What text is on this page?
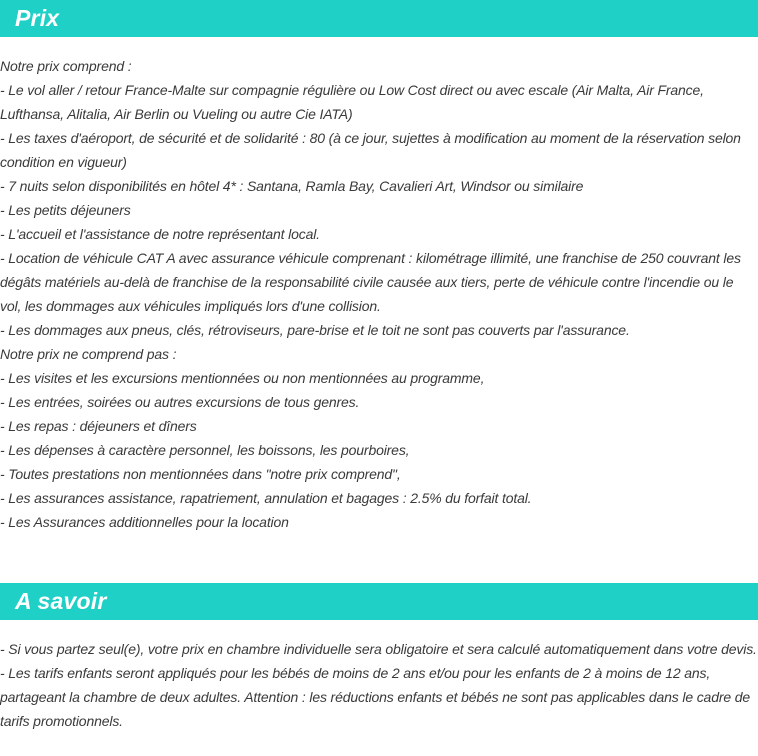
Prix
Notre prix comprend :
- Le vol aller / retour France-Malte sur compagnie régulière ou Low Cost direct ou avec escale (Air Malta, Air France, Lufthansa, Alitalia, Air Berlin ou Vueling ou autre Cie IATA)
- Les taxes d'aéroport, de sécurité et de solidarité : 80 (à ce jour, sujettes à modification au moment de la réservation selon condition en vigueur)
- 7 nuits selon disponibilités en hôtel 4* : Santana, Ramla Bay, Cavalieri Art, Windsor ou similaire
- Les petits déjeuners
- L'accueil et l'assistance de notre représentant local.
- Location de véhicule CAT A avec assurance véhicule comprenant : kilométrage illimité, une franchise de 250 couvrant les dégâts matériels au-delà de franchise de la responsabilité civile causée aux tiers, perte de véhicule contre l'incendie ou le vol, les dommages aux véhicules impliqués lors d'une collision.
- Les dommages aux pneus, clés, rétroviseurs, pare-brise et le toit ne sont pas couverts par l'assurance.
Notre prix ne comprend pas :
- Les visites et les excursions mentionnées ou non mentionnées au programme,
- Les entrées, soirées ou autres excursions de tous genres.
- Les repas : déjeuners et dîners
- Les dépenses à caractère personnel, les boissons, les pourboires,
- Toutes prestations non mentionnées dans "notre prix comprend",
- Les assurances assistance, rapatriement, annulation et bagages : 2.5% du forfait total.
- Les Assurances additionnelles pour la location
A savoir
- Si vous partez seul(e), votre prix en chambre individuelle sera obligatoire et sera calculé automatiquement dans votre devis.
- Les tarifs enfants seront appliqués pour les bébés de moins de 2 ans et/ou pour les enfants de 2 à moins de 12 ans, partageant la chambre de deux adultes. Attention : les réductions enfants et bébés ne sont pas applicables dans le cadre de tarifs promotionnels.
